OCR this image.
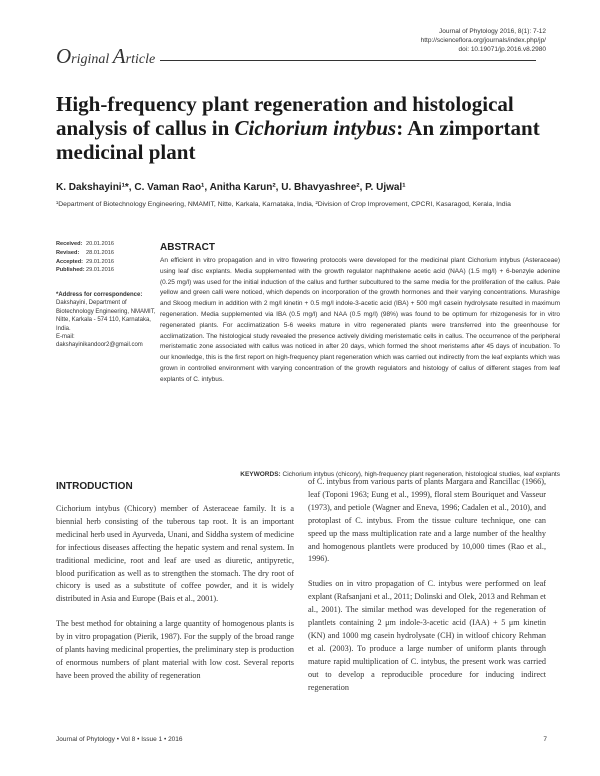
Journal of Phytology 2016, 8(1): 7-12
http://scienceflora.org/journals/index.php/jp/
doi: 10.19071/jp.2016.v8.2980
Original Article
High-frequency plant regeneration and histological analysis of callus in Cichorium intybus: An zimportant medicinal plant
K. Dakshayini¹*, C. Vaman Rao¹, Anitha Karun², U. Bhavyashree², P. Ujwal¹
¹Department of Biotechnology Engineering, NMAMIT, Nitte, Karkala, Karnataka, India, ²Division of Crop Improvement, CPCRI, Kasaragod, Kerala, India
Received: 20.01.2016
Revised: 28.01.2016
Accepted: 29.01.2016
Published:29.01.2016
*Address for correspondence:
Dakshayini, Department of Biotechnology Engineering, NMAMIT, Nitte, Karkala - 574 110, Karnataka, India.
E-mail: dakshayinikandoor2@gmail.com
ABSTRACT
An efficient in vitro propagation and in vitro flowering protocols were developed for the medicinal plant Cichorium intybus (Asteraceae) using leaf disc explants. Media supplemented with the growth regulator naphthalene acetic acid (NAA) (1.5 mg/l) + 6-benzyle adenine (0.25 mg/l) was used for the initial induction of the callus and further subcultured to the same media for the proliferation of the callus. Pale yellow and green calli were noticed, which depends on incorporation of the growth hormones and their varying concentrations. Murashige and Skoog medium in addition with 2 mg/l kinetin + 0.5 mg/l indole-3-acetic acid (IBA) + 500 mg/l casein hydrolysate resulted in maximum regeneration. Media supplemented via IBA (0.5 mg/l) and NAA (0.5 mg/l) (98%) was found to be optimum for rhizogenesis for in vitro regenerated plants. For acclimatization 5-6 weeks mature in vitro regenerated plants were transferred into the greenhouse for acclimatization. The histological study revealed the presence actively dividing meristematic cells in callus. The occurrence of the peripheral meristematic zone associated with callus was noticed in after 20 days, which formed the shoot meristems after 45 days of incubation. To our knowledge, this is the first report on high-frequency plant regeneration which was carried out indirectly from the leaf explants which was grown in controlled environment with varying concentration of the growth regulators and histology of callus of different stages from leaf explants of C. intybus.
KEYWORDS: Cichorium intybus (chicory), high-frequency plant regeneration, histological studies, leaf explants
INTRODUCTION

Cichorium intybus (Chicory) member of Asteraceae family. It is a biennial herb consisting of the tuberous tap root. It is an important medicinal herb used in Ayurveda, Unani, and Siddha system of medicine for infectious diseases affecting the hepatic system and renal system. In traditional medicine, root and leaf are used as diuretic, antipyretic, blood purification as well as to strengthen the stomach. The dry root of chicory is used as a substitute of coffee powder, and it is widely distributed in Asia and Europe (Bais et al., 2001).

The best method for obtaining a large quantity of homogenous plants is by in vitro propagation (Pierik, 1987). For the supply of the broad range of plants having medicinal properties, the preliminary step is production of enormous numbers of plant material with low cost. Several reports have been proved the ability of regeneration

of C. intybus from various parts of plants Margara and Rancillac (1966), leaf (Toponi 1963; Eung et al., 1999), floral stem Bouriquet and Vasseur (1973), and petiole (Wagner and Eneva, 1996; Cadalen et al., 2010), and protoplast of C. intybus. From the tissue culture technique, one can speed up the mass multiplication rate and a large number of the healthy and homogenous plantlets were produced by 10,000 times (Rao et al., 1996).

Studies on in vitro propagation of C. intybus were performed on leaf explant (Rafsanjani et al., 2011; Dolinski and Olek, 2013 and Rehman et al., 2001). The similar method was developed for the regeneration of plantlets containing 2 μm indole-3-acetic acid (IAA) + 5 μm kinetin (KN) and 1000 mg casein hydrolysate (CH) in witloof chicory Rehman et al. (2003). To produce a large number of uniform plants through mature rapid multiplication of C. intybus, the present work was carried out to develop a reproducible procedure for inducing indirect regeneration

Journal of Phytology • Vol 8 • Issue 1 • 2016	7
